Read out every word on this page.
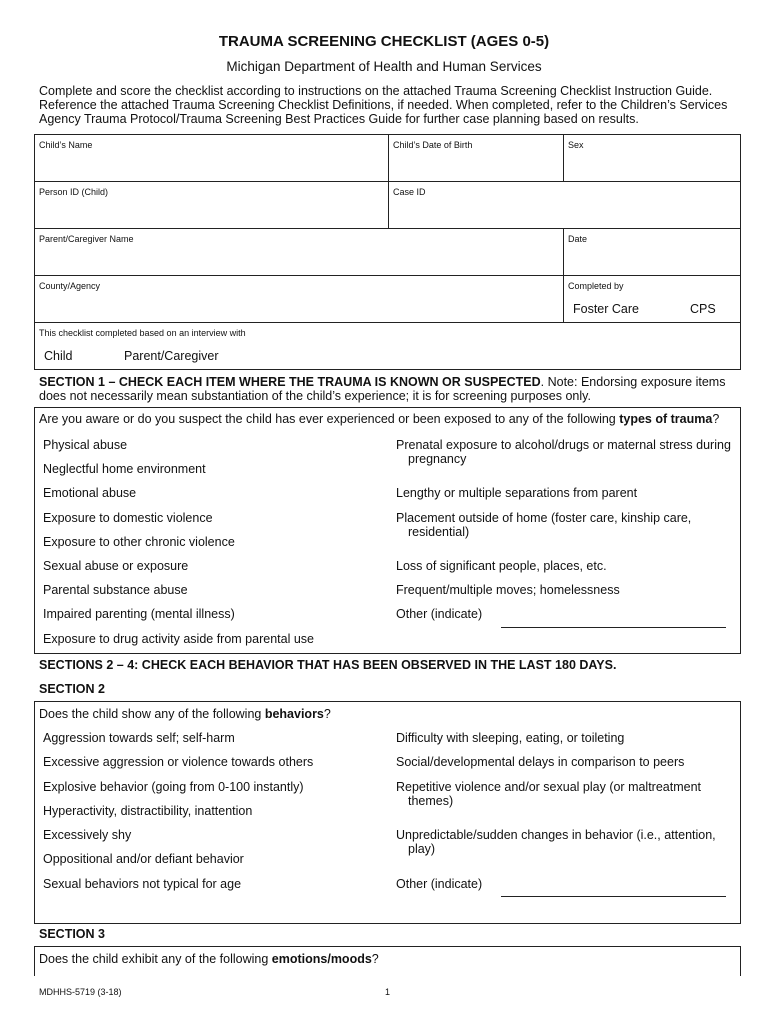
TRAUMA SCREENING CHECKLIST (AGES 0-5)
Michigan Department of Health and Human Services
Complete and score the checklist according to instructions on the attached Trauma Screening Checklist Instruction Guide. Reference the attached Trauma Screening Checklist Definitions, if needed. When completed, refer to the Children’s Services Agency Trauma Protocol/Trauma Screening Best Practices Guide for further case planning based on results.
Child’s Name	Child’s Date of Birth	Sex
Person ID (Child)	Case ID
Parent/Caregiver Name	Date
County/Agency	Completed by
Foster Care	CPS
This checklist completed based on an interview with
Child	Parent/Caregiver
SECTION 1 – CHECK EACH ITEM WHERE THE TRAUMA IS KNOWN OR SUSPECTED. Note: Endorsing exposure items does not necessarily mean substantiation of the child’s experience; it is for screening purposes only.
Are you aware or do you suspect the child has ever experienced or been exposed to any of the following types of trauma?
Physical abuse
Neglectful home environment
Emotional abuse
Exposure to domestic violence
Exposure to other chronic violence
Sexual abuse or exposure
Parental substance abuse
Impaired parenting (mental illness)
Exposure to drug activity aside from parental use
Prenatal exposure to alcohol/drugs or maternal stress during pregnancy
Lengthy or multiple separations from parent
Placement outside of home (foster care, kinship care, residential)
Loss of significant people, places, etc.
Frequent/multiple moves; homelessness
Other (indicate)
SECTIONS 2 – 4: CHECK EACH BEHAVIOR THAT HAS BEEN OBSERVED IN THE LAST 180 DAYS.
SECTION 2
Does the child show any of the following behaviors?
Aggression towards self; self-harm
Excessive aggression or violence towards others
Explosive behavior (going from 0-100 instantly)
Hyperactivity, distractibility, inattention
Excessively shy
Oppositional and/or defiant behavior
Sexual behaviors not typical for age
Difficulty with sleeping, eating, or toileting
Social/developmental delays in comparison to peers
Repetitive violence and/or sexual play (or maltreatment themes)
Unpredictable/sudden changes in behavior (i.e., attention, play)
Other (indicate)
SECTION 3
Does the child exhibit any of the following emotions/moods?
MDHHS-5719 (3-18)	1
